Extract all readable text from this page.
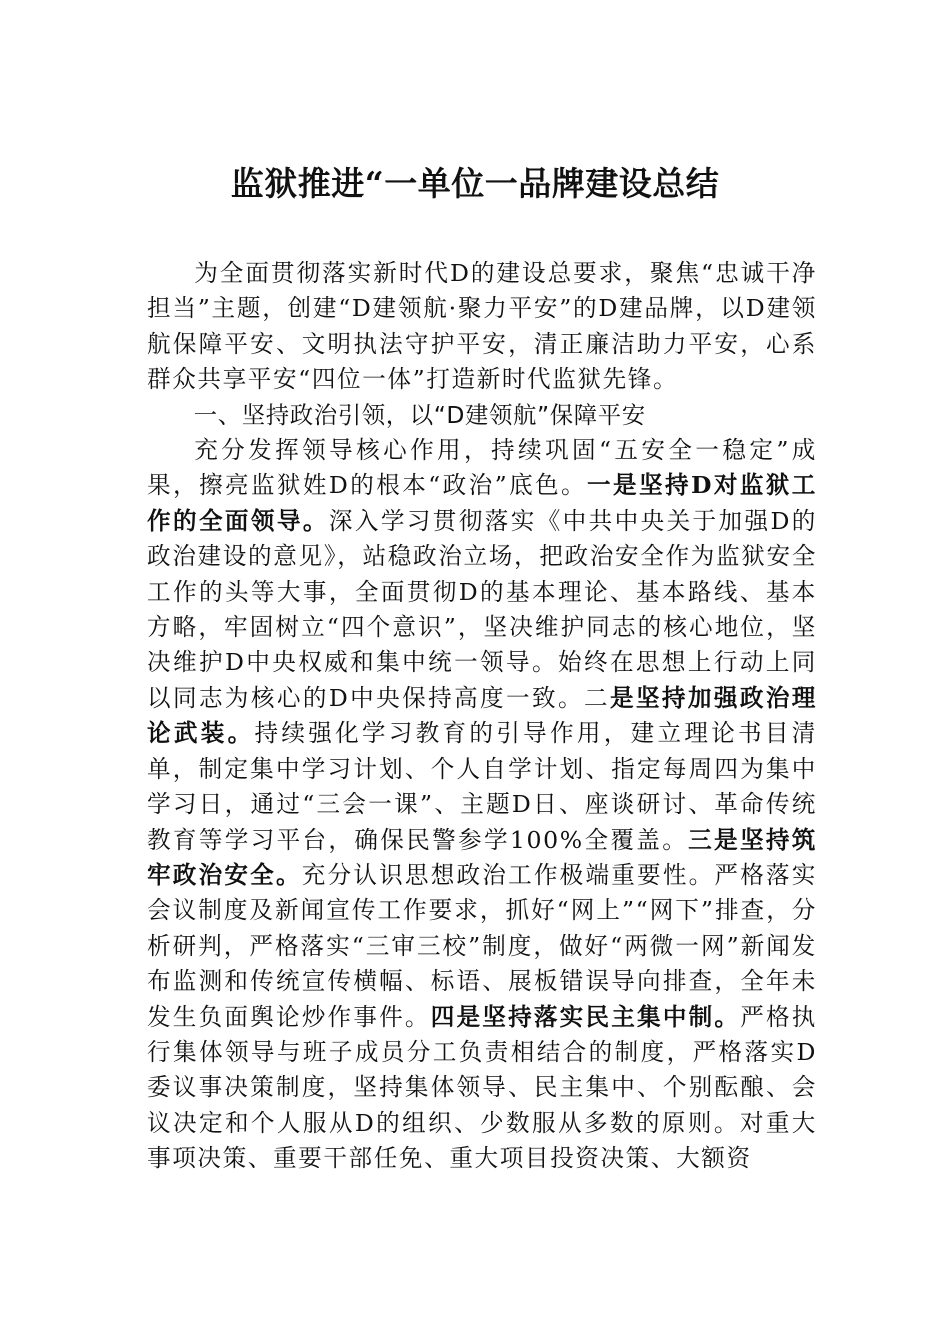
监狱推进“一单位一品牌建设总结

为全面贯彻落实新时代D的建设总要求，聚焦“忠诚干净担当”主题，创建“D建领航·聚力平安”的D建品牌，以D建领航保障平安、文明执法守护平安，清正廉洁助力平安，心系群众共享平安“四位一体”打造新时代监狱先锋。

一、坚持政治引领，以“D建领航”保障平安

充分发挥领导核心作用，持续巩固“五安全一稳定”成果，擦亮监狱姓D的根本“政治”底色。一是坚持D对监狱工作的全面领导。深入学习贯彻落实《中共中央关于加强D的政治建设的意见》，站稳政治立场，把政治安全作为监狱安全工作的头等大事，全面贯彻D的基本理论、基本路线、基本方略，牢固树立“四个意识”，坚决维护同志的核心地位，坚决维护D中央权威和集中统一领导。始终在思想上行动上同以同志为核心的D中央保持高度一致。二是坚持加强政治理论武装。持续强化学习教育的引导作用，建立理论书目清单，制定集中学习计划、个人自学计划、指定每周四为集中学习日，通过“三会一课”、主题D日、座谈研讨、革命传统教育等学习平台，确保民警参学100%全覆盖。三是坚持筑牢政治安全。充分认识思想政治工作极端重要性。严格落实会议制度及新闻宣传工作要求，抓好“网上”“网下”排查，分析研判，严格落实“三审三校”制度，做好“两微一网”新闻发布监测和传统宣传横幅、标语、展板错误导向排查，全年未发生负面舆论炒作事件。四是坚持落实民主集中制。严格执行集体领导与班子成员分工负责相结合的制度，严格落实D委议事决策制度，坚持集体领导、民主集中、个别酝酿、会议决定和个人服从D的组织、少数服从多数的原则。对重大事项决策、重要干部任免、重大项目投资决策、大额资
